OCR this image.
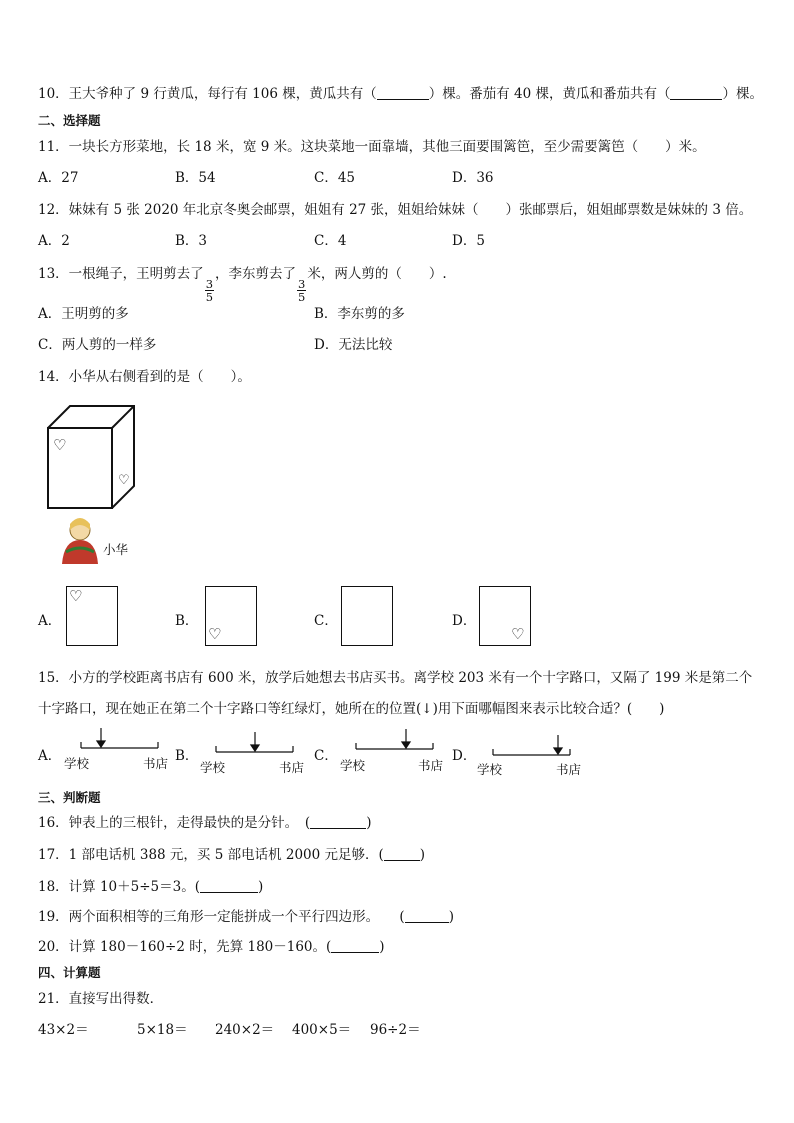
10．王大爷种了 9 行黄瓜，每行有 106 棵，黄瓜共有（	）棵。番茄有 40 棵，黄瓜和番茄共有（	）棵。
二、选择题
11．一块长方形菜地，长 18 米，宽 9 米。这块菜地一面靠墙，其他三面要围篱笆，至少需要篱笆（　　）米。
A．27	B．54	C．45	D．36
12．妹妹有 5 张 2020 年北京冬奥会邮票，姐姐有 27 张，姐姐给妹妹（　　）张邮票后，姐姐邮票数是妹妹的 3 倍。
A．2	B．3	C．4	D．5
13．一根绳子，王明剪去了
$\frac{3}{5}$
，李东剪去了
$\frac{3}{5}$
米，两人剪的（　　）.
A．王明剪的多	B．李东剪的多
C．两人剪的一样多	D．无法比较
14．小华从右侧看到的是（　　）。
♡
♡
小华
A．
♡
B．
♡
C．	D．
♡
15．小方的学校距离书店有 600 米，放学后她想去书店买书。离学校 203 米有一个十字路口，又隔了 199 米是第二个
十字路口，现在她正在第二个十字路口等红绿灯，她所在的位置(↓)用下面哪幅图来表示比较合适？(　　)
A． 学校	书店 B．
学校	书店
C．
学校	书店
D．
学校	书店
三、判断题
16．钟表上的三根针，走得最快的是分针。　(	)
17．1 部电话机 388 元，买 5 部电话机 2000 元足够．(	)
18．计算 10＋5÷5＝3。(	)
19．两个面积相等的三角形一定能拼成一个平行四边形。　　(	)
20．计算 180－160÷2 时，先算 180－160。(	)
四、计算题
21．直接写出得数．
43×2＝	5×18＝ 240×2＝ 400×5＝ 96÷2＝
